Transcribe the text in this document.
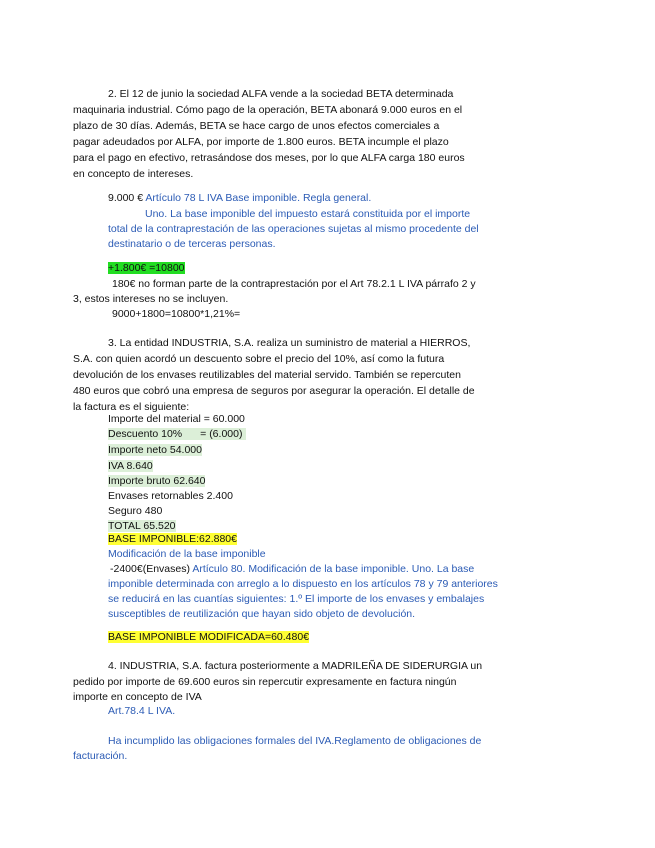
2. El 12 de junio la sociedad ALFA vende a la sociedad BETA determinada
maquinaria industrial. Cómo pago de la operación, BETA abonará 9.000 euros en el
plazo de 30 días. Además, BETA se hace cargo de unos efectos comerciales a
pagar adeudados por ALFA, por importe de 1.800 euros. BETA incumple el plazo
para el pago en efectivo, retrasándose dos meses, por lo que ALFA carga 180 euros
en concepto de intereses.
9.000 € Artículo 78 L IVA Base imponible. Regla general.
Uno. La base imponible del impuesto estará constituida por el importe
total de la contraprestación de las operaciones sujetas al mismo procedente del
destinatario o de terceras personas.
+1.800€ =10800
180€ no forman parte de la contraprestación por el Art 78.2.1 L IVA párrafo 2 y
3, estos intereses no se incluyen.
9000+1800=10800*1,21%=
3. La entidad INDUSTRIA, S.A. realiza un suministro de material a HIERROS,
S.A. con quien acordó un descuento sobre el precio del 10%, así como la futura
devolución de los envases reutilizables del material servido. También se repercuten
480 euros que cobró una empresa de seguros por asegurar la operación. El detalle de
la factura es el siguiente:
Importe del material = 60.000
Descuento 10% = (6.000)
Importe neto 54.000
IVA 8.640
Importe bruto 62.640
Envases retornables 2.400
Seguro 480
TOTAL 65.520
BASE IMPONIBLE:62.880€
Modificación de la base imponible
-2400€(Envases) Artículo 80. Modificación de la base imponible. Uno. La base
imponible determinada con arreglo a lo dispuesto en los artículos 78 y 79 anteriores
se reducirá en las cuantías siguientes: 1.º El importe de los envases y embalajes
susceptibles de reutilización que hayan sido objeto de devolución.
BASE IMPONIBLE MODIFICADA=60.480€
4. INDUSTRIA, S.A. factura posteriormente a MADRILEÑA DE SIDERURGIA un
pedido por importe de 69.600 euros sin repercutir expresamente en factura ningún
importe en concepto de IVA
Art.78.4 L IVA.
Ha incumplido las obligaciones formales del IVA.Reglamento de obligaciones de
facturación.
